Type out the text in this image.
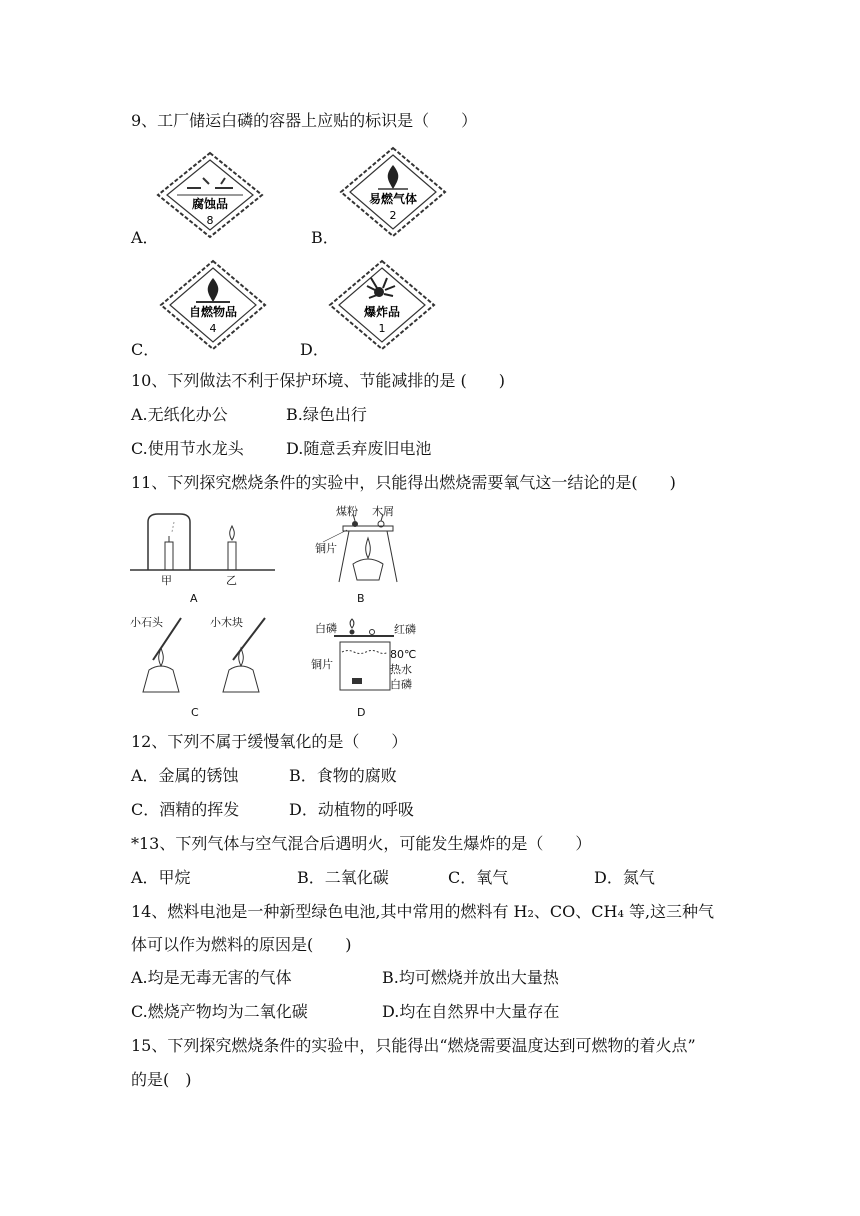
9、工厂储运白磷的容器上应贴的标识是（　　）
A．
腐蚀品
8
B．
易燃气体
2
C．
自燃物品
4
D．
爆炸品
1
10、下列做法不利于保护环境、节能减排的是 (　　)
A.无纸化办公	B.绿色出行
C.使用节水龙头	D.随意丢弃废旧电池
11、下列探究燃烧条件的实验中，只能得出燃烧需要氧气这一结论的是(　　)
甲	乙
A
煤粉 木屑
铜片
B
小石头	小木块
C
白磷	红磷
铜片
80℃
热水
白磷
D
12、下列不属于缓慢氧化的是（　　）
A．金属的锈蚀	B．食物的腐败
C．酒精的挥发	D．动植物的呼吸
*13、下列气体与空气混合后遇明火，可能发生爆炸的是（　　）
A．甲烷	B．二氧化碳	C．氧气	D．氮气
14、燃料电池是一种新型绿色电池,其中常用的燃料有 H₂、CO、CH₄ 等,这三种气
体可以作为燃料的原因是(　　)
A.均是无毒无害的气体	B.均可燃烧并放出大量热
C.燃烧产物均为二氧化碳	D.均在自然界中大量存在
15、下列探究燃烧条件的实验中，只能得出“燃烧需要温度达到可燃物的着火点”
的是(　)
